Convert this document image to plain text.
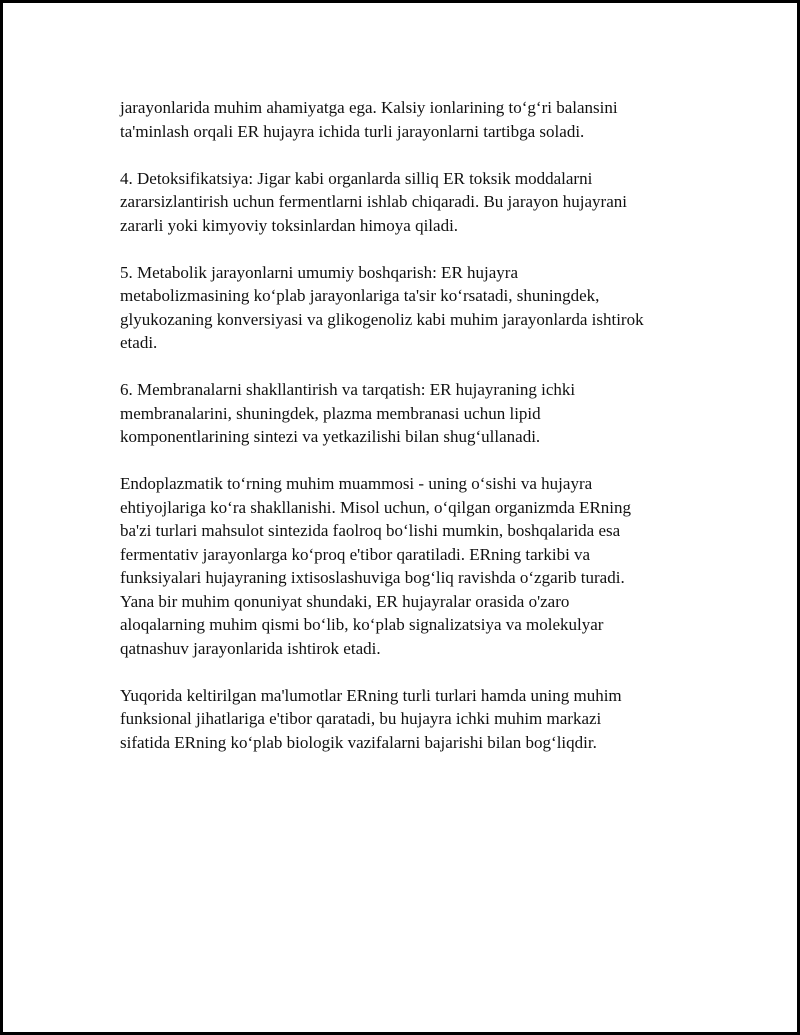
jarayonlarida muhim ahamiyatga ega. Kalsiy ionlarining to‘g‘ri balansini
ta'minlash orqali ER hujayra ichida turli jarayonlarni tartibga soladi.

4. Detoksifikatsiya: Jigar kabi organlarda silliq ER toksik moddalarni
zararsizlantirish uchun fermentlarni ishlab chiqaradi. Bu jarayon hujayrani
zararli yoki kimyoviy toksinlardan himoya qiladi.

5. Metabolik jarayonlarni umumiy boshqarish: ER hujayra
metabolizmasining ko‘plab jarayonlariga ta'sir ko‘rsatadi, shuningdek,
glyukozaning konversiyasi va glikogenoliz kabi muhim jarayonlarda ishtirok
etadi.

6. Membranalarni shakllantirish va tarqatish: ER hujayraning ichki
membranalarini, shuningdek, plazma membranasi uchun lipid
komponentlarining sintezi va yetkazilishi bilan shug‘ullanadi.

Endoplazmatik to‘rning muhim muammosi - uning o‘sishi va hujayra
ehtiyojlariga ko‘ra shakllanishi. Misol uchun, o‘qilgan organizmda ERning
ba'zi turlari mahsulot sintezida faolroq bo‘lishi mumkin, boshqalarida esa
fermentativ jarayonlarga ko‘proq e'tibor qaratiladi. ERning tarkibi va
funksiyalari hujayraning ixtisoslashuviga bog‘liq ravishda o‘zgarib turadi.
Yana bir muhim qonuniyat shundaki, ER hujayralar orasida o'zaro
aloqalarning muhim qismi bo‘lib, ko‘plab signalizatsiya va molekulyar
qatnashuv jarayonlarida ishtirok etadi.

Yuqorida keltirilgan ma'lumotlar ERning turli turlari hamda uning muhim
funksional jihatlariga e'tibor qaratadi, bu hujayra ichki muhim markazi
sifatida ERning ko‘plab biologik vazifalarni bajarishi bilan bog‘liqdir.
